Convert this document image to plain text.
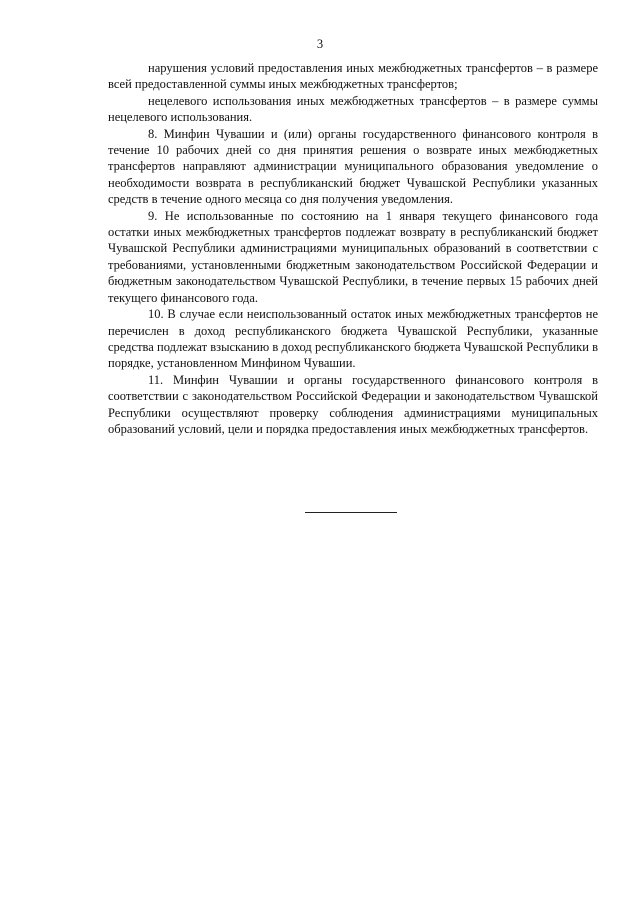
3

нарушения условий предоставления иных межбюджетных трансфертов – в размере всей предоставленной суммы иных межбюджетных трансфертов;

нецелевого использования иных межбюджетных трансфертов – в размере суммы нецелевого использования.

8. Минфин Чувашии и (или) органы государственного финансового контроля в течение 10 рабочих дней со дня принятия решения о возврате иных межбюджетных трансфертов направляют администрации муниципального образования уведомление о необходимости возврата в республиканский бюджет Чувашской Республики указанных средств в течение одного месяца со дня получения уведомления.

9. Не использованные по состоянию на 1 января текущего финансового года остатки иных межбюджетных трансфертов подлежат возврату в республиканский бюджет Чувашской Республики администрациями муниципальных образований в соответствии с требованиями, установленными бюджетным законодательством Российской Федерации и бюджетным законодательством Чувашской Республики, в течение первых 15 рабочих дней текущего финансового года.

10. В случае если неиспользованный остаток иных межбюджетных трансфертов не перечислен в доход республиканского бюджета Чувашской Республики, указанные средства подлежат взысканию в доход республиканского бюджета Чувашской Республики в порядке, установленном Минфином Чувашии.

11. Минфин Чувашии и органы государственного финансового контроля в соответствии с законодательством Российской Федерации и законодательством Чувашской Республики осуществляют проверку соблюдения администрациями муниципальных образований условий, цели и порядка предоставления иных межбюджетных трансфертов.
